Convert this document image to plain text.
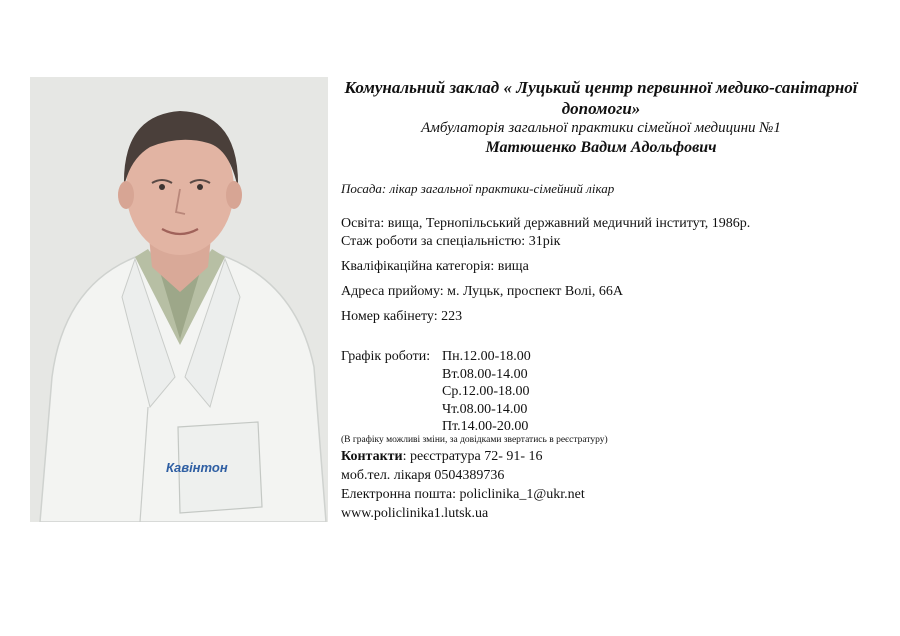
Кавінтон
Комунальний заклад « Луцький центр первинної медико-санітарної допомоги»
Амбулаторія загальної практики сімейної медицини №1
Матюшенко Вадим Адольфович
Посада: лікар загальної практики-сімейний лікар
Освіта: вища, Тернопільський державний медичний інститут, 1986р.
Стаж роботи за спеціальністю: 31рік
Кваліфікаційна категорія: вища
Адреса прийому: м. Луцьк, проспект Волі, 66А
Номер кабінету: 223
Графік роботи: Пн.12.00-18.00
Вт.08.00-14.00
Ср.12.00-18.00
Чт.08.00-14.00
Пт.14.00-20.00
(В графіку можливі зміни, за довідками звертатись в реєстратуру)
Контакти: реєстратура 72- 91- 16
моб.тел. лікаря 0504389736
Електронна пошта: policlinika_1@ukr.net
www.policlinika1.lutsk.ua
